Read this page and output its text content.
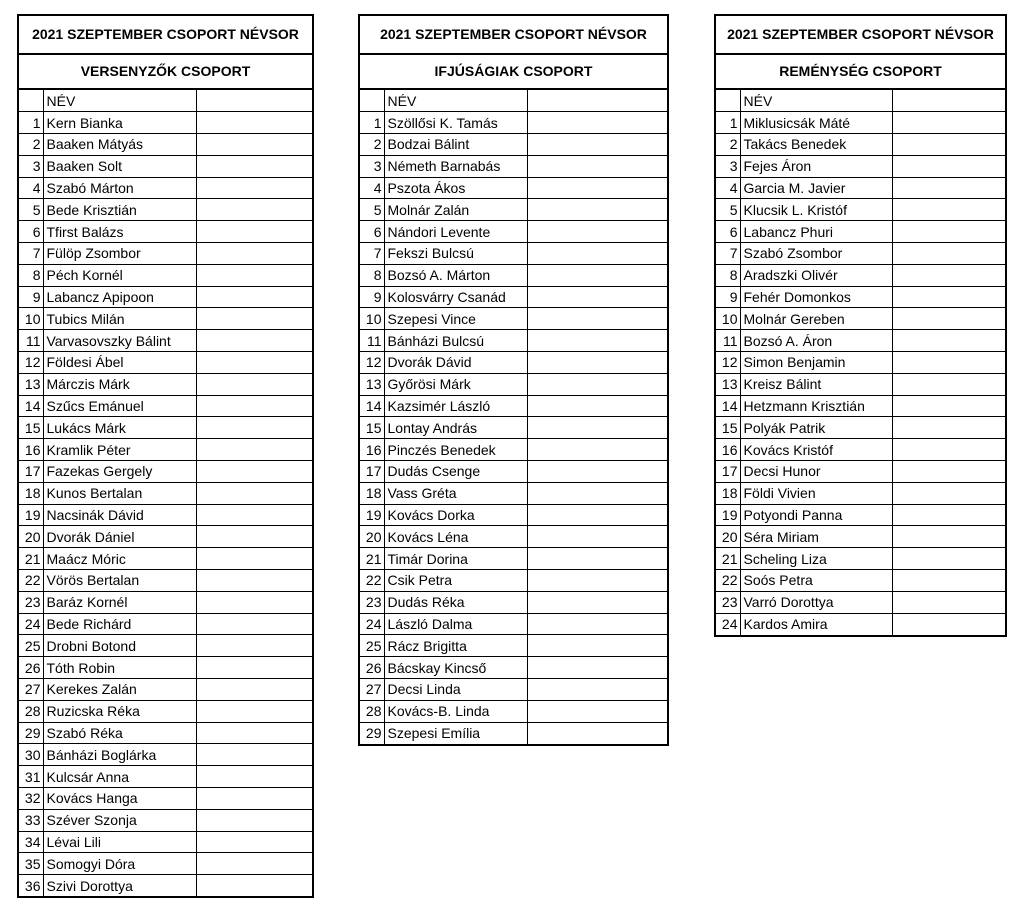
2021 SZEPTEMBER CSOPORT NÉVSOR
VERSENYZŐK CSOPORT
	NÉV	
1	Kern Bianka	
2	Baaken Mátyás	
3	Baaken Solt	
4	Szabó Márton	
5	Bede Krisztián	
6	Tfirst Balázs	
7	Fülöp Zsombor	
8	Péch Kornél	
9	Labancz Apipoon	
10	Tubics Milán	
11	Varvasovszky Bálint	
12	Földesi Ábel	
13	Márczis Márk	
14	Szűcs Emánuel	
15	Lukács Márk	
16	Kramlik Péter	
17	Fazekas Gergely	
18	Kunos Bertalan	
19	Nacsinák Dávid	
20	Dvorák Dániel	
21	Maácz Móric	
22	Vörös Bertalan	
23	Baráz Kornél	
24	Bede Richárd	
25	Drobni Botond	
26	Tóth Robin	
27	Kerekes Zalán	
28	Ruzicska Réka	
29	Szabó Réka	
30	Bánházi Boglárka	
31	Kulcsár Anna	
32	Kovács Hanga	
33	Széver Szonja	
34	Lévai Lili	
35	Somogyi Dóra	
36	Szivi Dorottya	
2021 SZEPTEMBER CSOPORT NÉVSOR
IFJÚSÁGIAK CSOPORT
	NÉV	
1	Szöllősi K. Tamás	
2	Bodzai Bálint	
3	Németh Barnabás	
4	Pszota Ákos	
5	Molnár Zalán	
6	Nándori Levente	
7	Fekszi Bulcsú	
8	Bozsó A. Márton	
9	Kolosvárry Csanád	
10	Szepesi Vince	
11	Bánházi Bulcsú	
12	Dvorák Dávid	
13	Győrösi Márk	
14	Kazsimér László	
15	Lontay András	
16	Pinczés Benedek	
17	Dudás Csenge	
18	Vass Gréta	
19	Kovács Dorka	
20	Kovács Léna	
21	Timár Dorina	
22	Csik Petra	
23	Dudás Réka	
24	László Dalma	
25	Rácz Brigitta	
26	Bácskay Kincső	
27	Decsi Linda	
28	Kovács-B. Linda	
29	Szepesi Emília	
2021 SZEPTEMBER CSOPORT NÉVSOR
REMÉNYSÉG CSOPORT
	NÉV	
1	Miklusicsák Máté	
2	Takács Benedek	
3	Fejes Áron	
4	Garcia M. Javier	
5	Klucsik L. Kristóf	
6	Labancz Phuri	
7	Szabó Zsombor	
8	Aradszki Olivér	
9	Fehér Domonkos	
10	Molnár Gereben	
11	Bozsó A. Áron	
12	Simon Benjamin	
13	Kreisz Bálint	
14	Hetzmann Krisztián	
15	Polyák Patrik	
16	Kovács Kristóf	
17	Decsi Hunor	
18	Földi Vivien	
19	Potyondi Panna	
20	Séra Miriam	
21	Scheling Liza	
22	Soós Petra	
23	Varró Dorottya	
24	Kardos Amira	
